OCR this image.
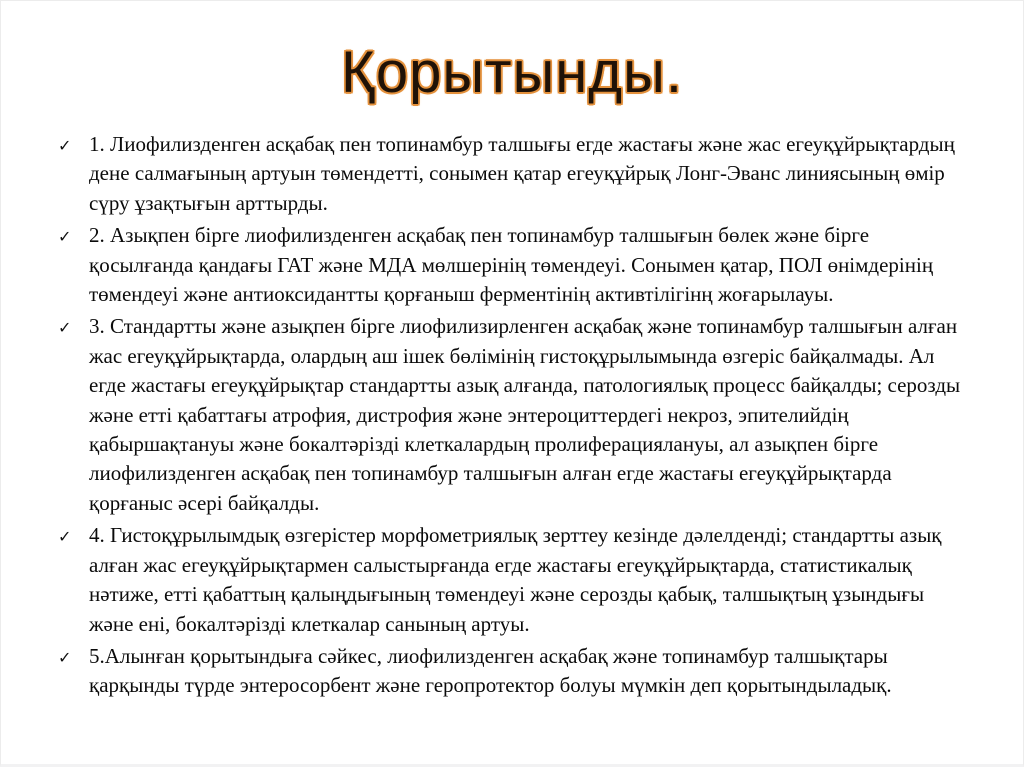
Қорытынды.
✓ 1. Лиофилизденген асқабақ пен топинамбур талшығы егде жастағы және жас егеуқұйрықтардың дене салмағының артуын төмендетті, сонымен қатар егеуқұйрық Лонг-Эванс линиясының өмір сүру ұзақтығын арттырды.
✓ 2. Азықпен бірге лиофилизденген асқабақ пен топинамбур талшығын бөлек және бірге қосылғанда қандағы ГАТ және МДА мөлшерінің төмендеуі. Сонымен қатар, ПОЛ өнімдерінің төмендеуі және антиоксидантты қорғаныш ферментінің активтілігінң жоғарылауы.
✓ 3. Стандартты және азықпен бірге лиофилизирленген асқабақ және топинамбур талшығын алған жас егеуқұйрықтарда, олардың аш ішек бөлімінің гистоқұрылымында өзгеріс байқалмады. Ал егде жастағы егеуқұйрықтар стандартты азық алғанда, патологиялық процесс байқалды; серозды және етті қабаттағы атрофия, дистрофия және энтероциттердегі некроз, эпителийдің қабыршақтануы және бокалтәрізді клеткалардың пролиферациялануы, ал азықпен бірге лиофилизденген асқабақ пен топинамбур талшығын алған егде жастағы егеуқұйрықтарда қорғаныс әсері байқалды.
✓ 4. Гистоқұрылымдық өзгерістер морфометриялық зерттеу кезінде дәлелденді; стандартты азық алған жас егеуқұйрықтармен салыстырғанда егде жастағы егеуқұйрықтарда, статистикалық нәтиже, етті қабаттың қалыңдығының төмендеуі және серозды қабық, талшықтың ұзындығы және ені, бокалтәрізді клеткалар санының артуы.
✓ 5.Алынған қорытындыға сәйкес, лиофилизденген асқабақ және топинамбур талшықтары қарқынды түрде энтеросорбент және геропротектор болуы мүмкін деп қорытындыладық.
